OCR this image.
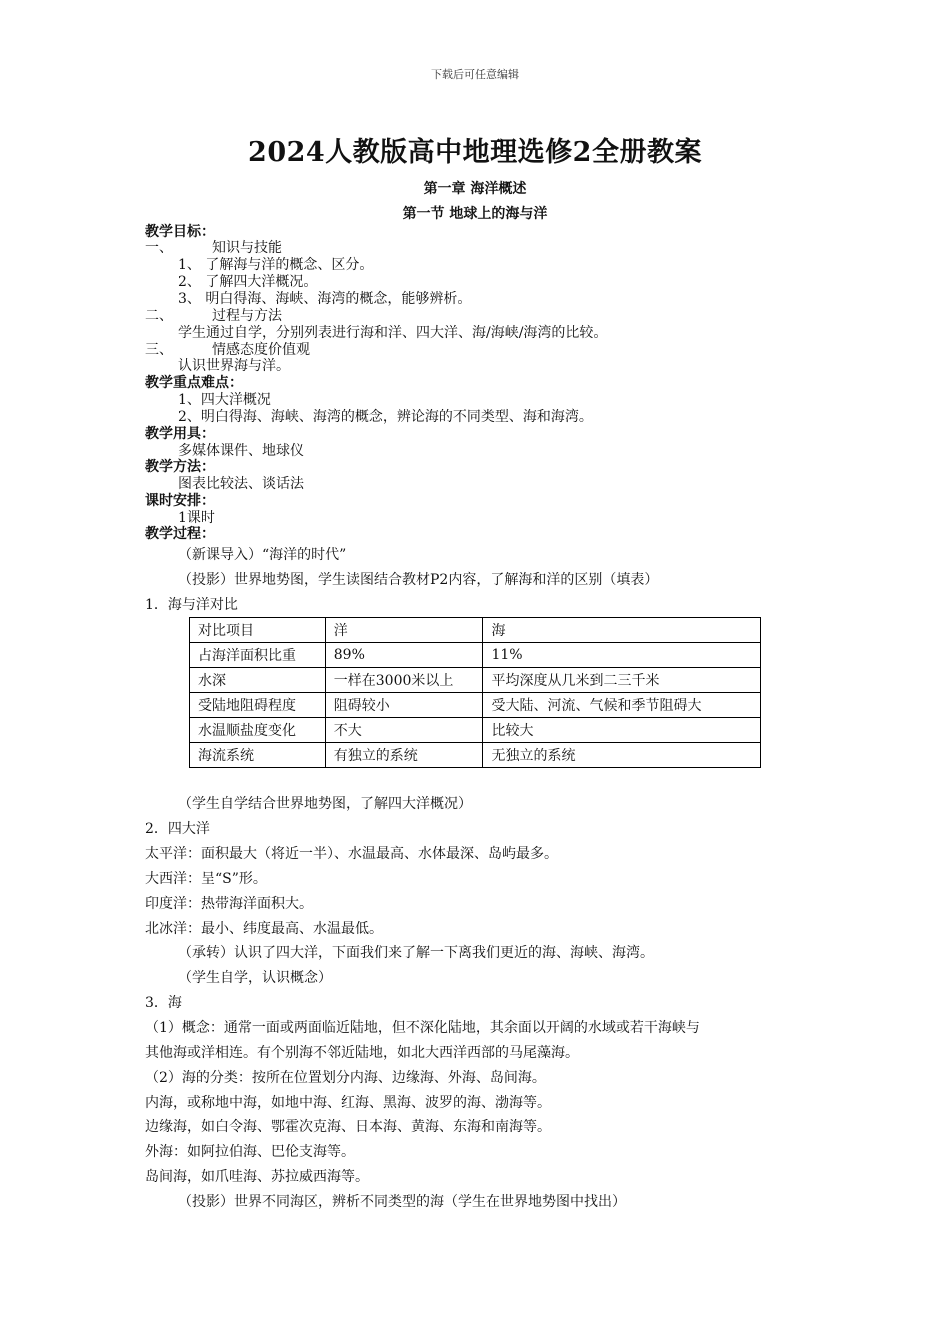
下载后可任意编辑
2024人教版高中地理选修2全册教案
第一章 海洋概述
第一节 地球上的海与洋
教学目标：
一、	知识与技能
1、 了解海与洋的概念、区分。
2、 了解四大洋概况。
3、 明白得海、海峡、海湾的概念，能够辨析。
二、	过程与方法
学生通过自学，分别列表进行海和洋、四大洋、海/海峡/海湾的比较。
三、	情感态度价值观
认识世界海与洋。
教学重点难点：
1、四大洋概况
2、明白得海、海峡、海湾的概念，辨论海的不同类型、海和海湾。
教学用具：
多媒体课件、地球仪
教学方法：
图表比较法、谈话法
课时安排：
1课时
教学过程：
（新课导入）“海洋的时代”
（投影）世界地势图，学生读图结合教材P2内容，了解海和洋的区别（填表）
1．海与洋对比
对比项目	洋	海
占海洋面积比重	89%	11%
水深	一样在3000米以上	平均深度从几米到二三千米
受陆地阻碍程度	阻碍较小	受大陆、河流、气候和季节阻碍大
水温顺盐度变化	不大	比较大
海流系统	有独立的系统	无独立的系统
（学生自学结合世界地势图，了解四大洋概况）
2．四大洋
太平洋：面积最大（将近一半）、水温最高、水体最深、岛屿最多。
大西洋：呈“S”形。
印度洋：热带海洋面积大。
北冰洋：最小、纬度最高、水温最低。
（承转）认识了四大洋，下面我们来了解一下离我们更近的海、海峡、海湾。
（学生自学，认识概念）
3．海
（1）概念：通常一面或两面临近陆地，但不深化陆地，其余面以开阔的水域或若干海峡与
其他海或洋相连。有个别海不邻近陆地，如北大西洋西部的马尾藻海。
（2）海的分类：按所在位置划分内海、边缘海、外海、岛间海。
内海，或称地中海，如地中海、红海、黑海、波罗的海、渤海等。
边缘海，如白令海、鄂霍次克海、日本海、黄海、东海和南海等。
外海：如阿拉伯海、巴伦支海等。
岛间海，如爪哇海、苏拉威西海等。
（投影）世界不同海区，辨析不同类型的海（学生在世界地势图中找出）
